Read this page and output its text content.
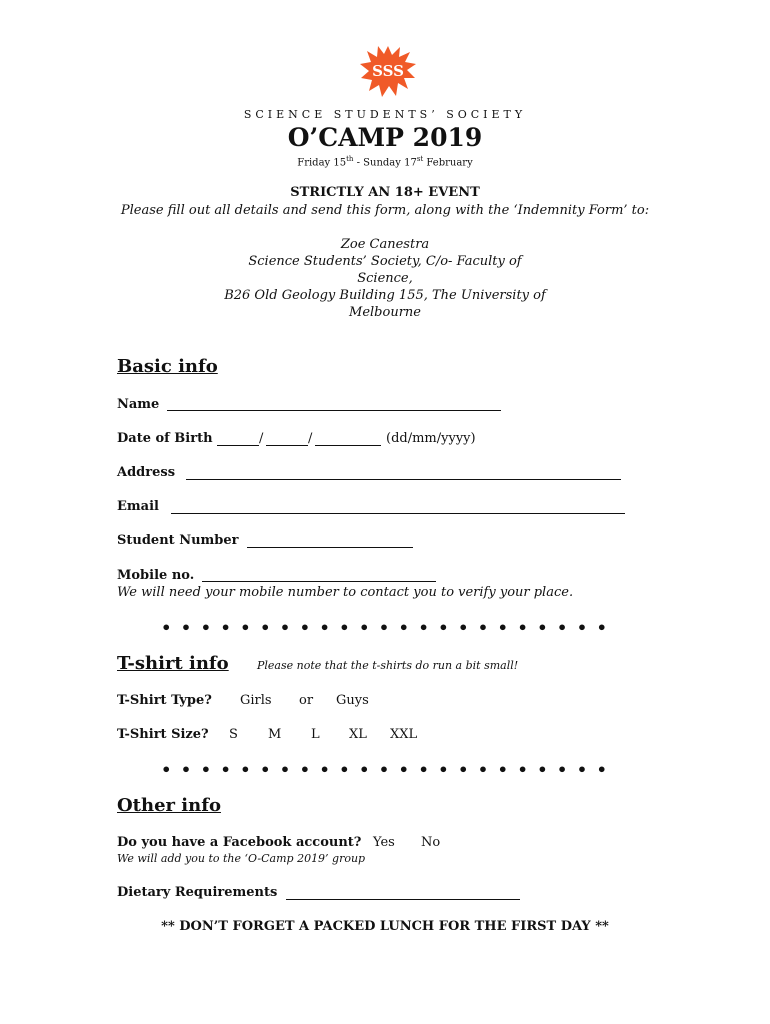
SSS
SCIENCE STUDENTS’ SOCIETY
O’CAMP 2019
Friday 15th - Sunday 17st February
STRICTLY AN 18+ EVENT
Please fill out all details and send this form, along with the ‘Indemnity Form’ to:
Zoe Canestra
Science Students’ Society, C/o- Faculty of
Science,
B26 Old Geology Building 155, The University of
Melbourne
Basic info
Name
Date of Birth	/	/	(dd/mm/yyyy)
Address
Email
Student Number
Mobile no.
We will need your mobile number to contact you to verify your place.
• • • • • • • • • • • • • • • • • • • • • • •
T-shirt info	Please note that the t-shirts do run a bit small!
T-Shirt Type? Girls or Guys
T-Shirt Size? S M L XL XXL
• • • • • • • • • • • • • • • • • • • • • • •
Other info
Do you have a Facebook account? Yes No
We will add you to the ‘O-Camp 2019’ group
Dietary Requirements
** DON’T FORGET A PACKED LUNCH FOR THE FIRST DAY **
